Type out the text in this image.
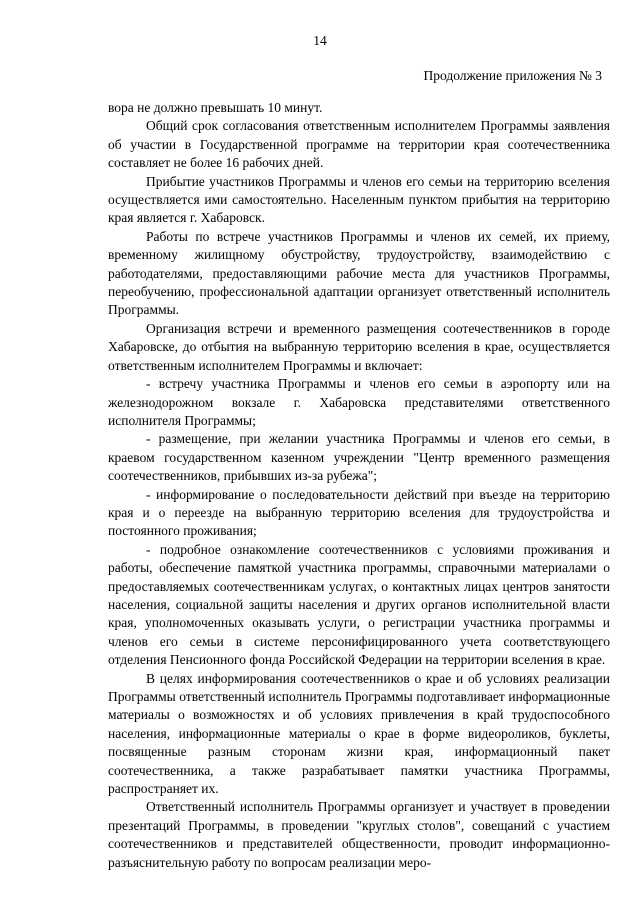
14
Продолжение приложения № 3

вора не должно превышать 10 минут.

Общий срок согласования ответственным исполнителем Программы заявления об участии в Государственной программе на территории края соотечественника составляет не более 16 рабочих дней.

Прибытие участников Программы и членов его семьи на территорию вселения осуществляется ими самостоятельно. Населенным пунктом прибытия на территорию края является г. Хабаровск.

Работы по встрече участников Программы и членов их семей, их приему, временному жилищному обустройству, трудоустройству, взаимодействию с работодателями, предоставляющими рабочие места для участников Программы, переобучению, профессиональной адаптации организует ответственный исполнитель Программы.

Организация встречи и временного размещения соотечественников в городе Хабаровске, до отбытия на выбранную территорию вселения в крае, осуществляется ответственным исполнителем Программы и включает:

- встречу участника Программы и членов его семьи в аэропорту или на железнодорожном вокзале г. Хабаровска представителями ответственного исполнителя Программы;

- размещение, при желании участника Программы и членов его семьи, в краевом государственном казенном учреждении "Центр временного размещения соотечественников, прибывших из-за рубежа";

- информирование о последовательности действий при въезде на территорию края и о переезде на выбранную территорию вселения для трудоустройства и постоянного проживания;

- подробное ознакомление соотечественников с условиями проживания и работы, обеспечение памяткой участника программы, справочными материалами о предоставляемых соотечественникам услугах, о контактных лицах центров занятости населения, социальной защиты населения и других органов исполнительной власти края, уполномоченных оказывать услуги, о регистрации участника программы и членов его семьи в системе персонифицированного учета соответствующего отделения Пенсионного фонда Российской Федерации на территории вселения в крае.

В целях информирования соотечественников о крае и об условиях реализации Программы ответственный исполнитель Программы подготавливает информационные материалы о возможностях и об условиях привлечения в край трудоспособного населения, информационные материалы о крае в форме видеороликов, буклеты, посвященные разным сторонам жизни края, информационный пакет соотечественника, а также разрабатывает памятки участника Программы, распространяет их.

Ответственный исполнитель Программы организует и участвует в проведении презентаций Программы, в проведении "круглых столов", совещаний с участием соотечественников и представителей общественности, проводит информационно-разъяснительную работу по вопросам реализации меро-
